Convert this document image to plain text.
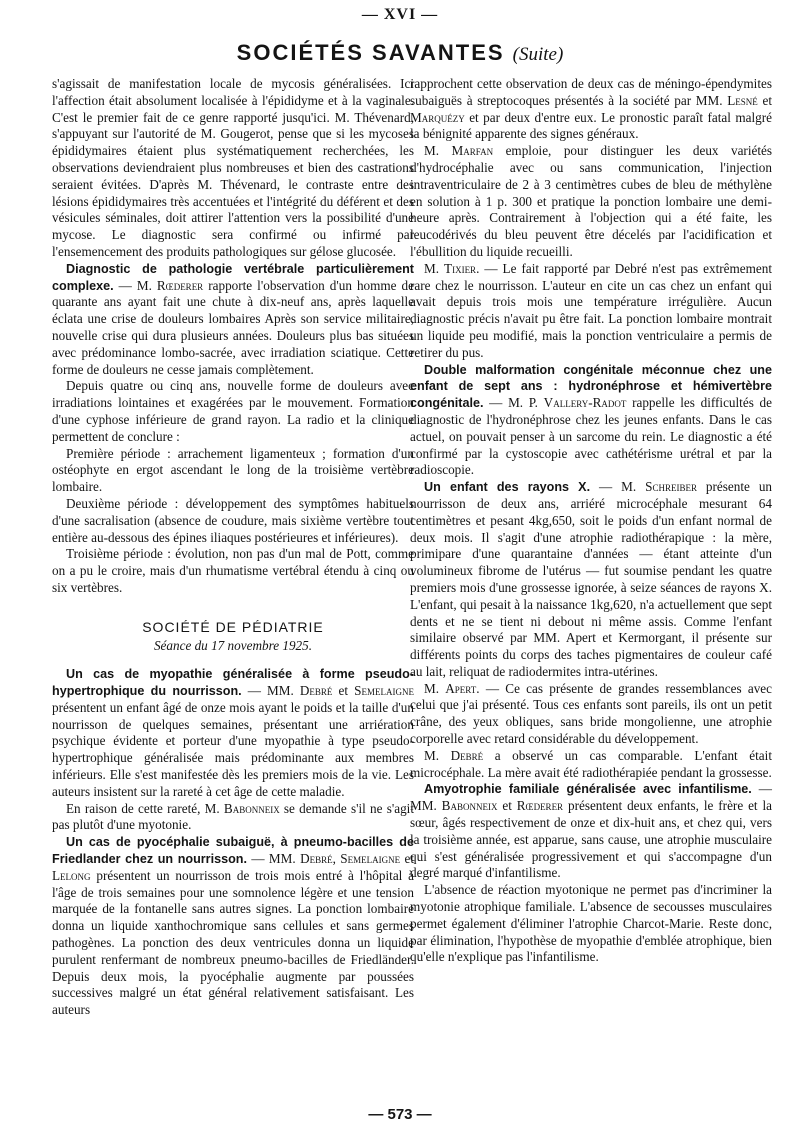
— XVI —
SOCIÉTÉS SAVANTES (Suite)

s'agissait de manifestation locale de mycosis généralisées. Ici l'affection était absolument localisée à l'épididyme et à la vaginale. C'est le premier fait de ce genre rapporté jusqu'ici. M. Thévenard, s'appuyant sur l'autorité de M. Gougerot, pense que si les mycoses épididymaires étaient plus systématiquement recherchées, les observations deviendraient plus nombreuses et bien des castrations seraient évitées. D'après M. Thévenard, le contraste entre des lésions épididymaires très accentuées et l'intégrité du déférent et des vésicules séminales, doit attirer l'attention vers la possibilité d'une mycose. Le diagnostic sera confirmé ou infirmé par l'ensemencement des produits pathologiques sur gélose glucosée.

Diagnostic de pathologie vertébrale particulièrement complexe. — M. Rœderer rapporte l'observation d'un homme de quarante ans ayant fait une chute à dix-neuf ans, après laquelle éclata une crise de douleurs lombaires Après son service militaire, nouvelle crise qui dura plusieurs années. Douleurs plus bas situées avec prédominance lombo-sacrée, avec irradiation sciatique. Cette forme de douleurs ne cesse jamais complètement.

Depuis quatre ou cinq ans, nouvelle forme de douleurs avec irradiations lointaines et exagérées par le mouvement. Formation d'une cyphose inférieure de grand rayon. La radio et la clinique permettent de conclure :

Première période : arrachement ligamenteux ; formation d'un ostéophyte en ergot ascendant le long de la troisième vertèbre lombaire.

Deuxième période : développement des symptômes habituels d'une sacralisation (absence de coudure, mais sixième vertèbre tout entière au-dessous des épines iliaques postérieures et inférieures).

Troisième période : évolution, non pas d'un mal de Pott, comme on a pu le croire, mais d'un rhumatisme vertébral étendu à cinq ou six vertèbres.

SOCIÉTÉ DE PÉDIATRIE
Séance du 17 novembre 1925.

Un cas de myopathie généralisée à forme pseudo-hypertrophique du nourrisson. — MM. Debré et Semelaigne présentent un enfant âgé de onze mois ayant le poids et la taille d'un nourrisson de quelques semaines, présentant une arriération psychique évidente et porteur d'une myopathie à type pseudo-hypertrophique généralisée mais prédominante aux membres inférieurs. Elle s'est manifestée dès les premiers mois de la vie. Les auteurs insistent sur la rareté à cet âge de cette maladie.

En raison de cette rareté, M. Babonneix se demande s'il ne s'agit pas plutôt d'une myotonie.

Un cas de pyocéphalie subaiguë, à pneumo-bacilles de Friedlander chez un nourrisson. — MM. Debré, Semelaigne et Lelong présentent un nourrisson de trois mois entré à l'hôpital à l'âge de trois semaines pour une somnolence légère et une tension marquée de la fontanelle sans autres signes. La ponction lombaire donna un liquide xanthochromique sans cellules et sans germes pathogènes. La ponction des deux ventricules donna un liquide purulent renfermant de nombreux pneumo-bacilles de Friedländer. Depuis deux mois, la pyocéphalie augmente par poussées successives malgré un état général relativement satisfaisant. Les auteurs

rapprochent cette observation de deux cas de méningo-épendymites subaiguës à streptocoques présentés à la société par MM. Lesné et Marquézy et par deux d'entre eux. Le pronostic paraît fatal malgré la bénignité apparente des signes généraux.

M. Marfan emploie, pour distinguer les deux variétés d'hydrocéphalie avec ou sans communication, l'injection intraventriculaire de 2 à 3 centimètres cubes de bleu de méthylène en solution à 1 p. 300 et pratique la ponction lombaire une demi-heure après. Contrairement à l'objection qui a été faite, les leucodérivés du bleu peuvent être décelés par l'acidification et l'ébullition du liquide recueilli.

M. Tixier. — Le fait rapporté par Debré n'est pas extrêmement rare chez le nourrisson. L'auteur en cite un cas chez un enfant qui avait depuis trois mois une température irrégulière. Aucun diagnostic précis n'avait pu être fait. La ponction lombaire montrait un liquide peu modifié, mais la ponction ventriculaire a permis de retirer du pus.

Double malformation congénitale méconnue chez une enfant de sept ans : hydronéphrose et hémivertèbre congénitale. — M. P. Vallery-Radot rappelle les difficultés de diagnostic de l'hydronéphrose chez les jeunes enfants. Dans le cas actuel, on pouvait penser à un sarcome du rein. Le diagnostic a été confirmé par la cystoscopie avec cathétérisme urétral et par la radioscopie.

Un enfant des rayons X. — M. Schreiber présente un nourrisson de deux ans, arriéré microcéphale mesurant 64 centimètres et pesant 4kg,650, soit le poids d'un enfant normal de deux mois. Il s'agit d'une atrophie radiothérapique : la mère, primipare d'une quarantaine d'années — étant atteinte d'un volumineux fibrome de l'utérus — fut soumise pendant les quatre premiers mois d'une grossesse ignorée, à seize séances de rayons X. L'enfant, qui pesait à la naissance 1kg,620, n'a actuellement que sept dents et ne se tient ni debout ni même assis. Comme l'enfant similaire observé par MM. Apert et Kermorgant, il présente sur différents points du corps des taches pigmentaires de couleur café au lait, reliquat de radiodermites intra-utérines.

M. Apert. — Ce cas présente de grandes ressemblances avec celui que j'ai présenté. Tous ces enfants sont pareils, ils ont un petit crâne, des yeux obliques, sans bride mongolienne, une atrophie corporelle avec retard considérable du développement.

M. Debré a observé un cas comparable. L'enfant était microcéphale. La mère avait été radiothérapiée pendant la grossesse.

Amyotrophie familiale généralisée avec infantilisme. — MM. Babonneix et Rœderer présentent deux enfants, le frère et la sœur, âgés respectivement de onze et dix-huit ans, et chez qui, vers la troisième année, est apparue, sans cause, une atrophie musculaire qui s'est généralisée progressivement et qui s'accompagne d'un degré marqué d'infantilisme.

L'absence de réaction myotonique ne permet pas d'incriminer la myotonie atrophique familiale. L'absence de secousses musculaires permet également d'éliminer l'atrophie Charcot-Marie. Reste donc, par élimination, l'hypothèse de myopathie d'emblée atrophique, bien qu'elle n'explique pas l'infantilisme.

— 573 —
